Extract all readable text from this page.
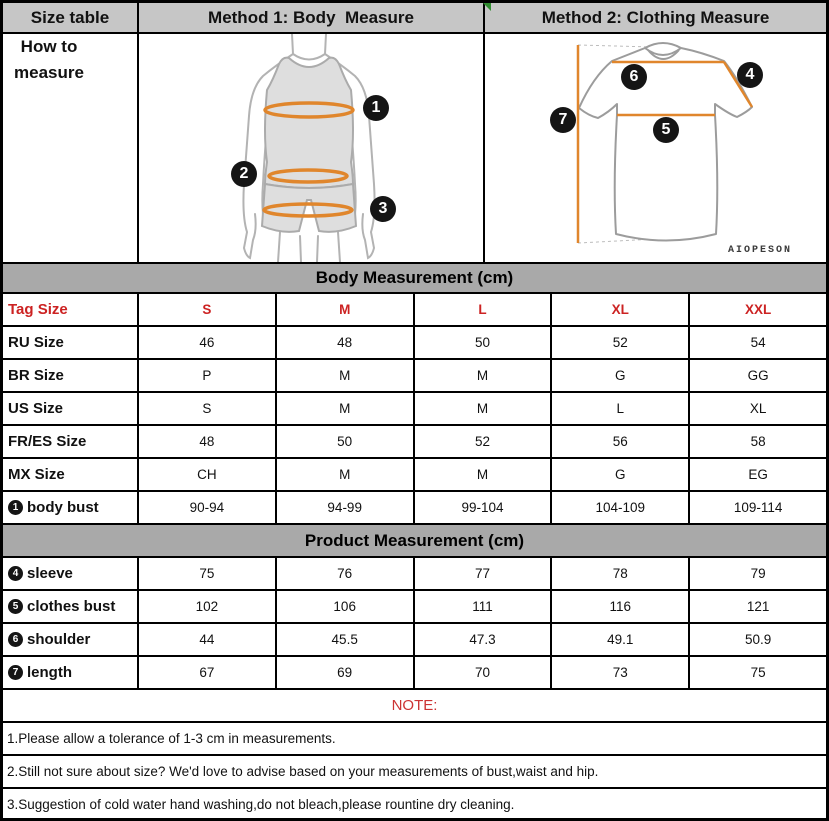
Size table	Method 1: Body  Measure	Method 2: Clothing Measure
How to measure
1
2
3
4
5
6
7
AIOPESON
Body Measurement (cm)
Tag Size	S	M	L	XL	XXL
RU Size	46	48	50	52	54
BR Size	P	M	M	G	GG
US Size	S	M	M	L	XL
FR/ES Size	48	50	52	56	58
MX Size	CH	M	M	G	EG
1 body bust	90-94	94-99	99-104	104-109	109-114
Product Measurement (cm)
4 sleeve	75	76	77	78	79
5 clothes bust	102	106	111	116	121
6 shoulder	44	45.5	47.3	49.1	50.9
7 length	67	69	70	73	75
NOTE:
1.Please allow a tolerance of 1-3 cm in measurements.
2.Still not sure about size? We'd love to advise based on your measurements of bust,waist and hip.
3.Suggestion of cold water hand washing,do not bleach,please rountine dry cleaning.
